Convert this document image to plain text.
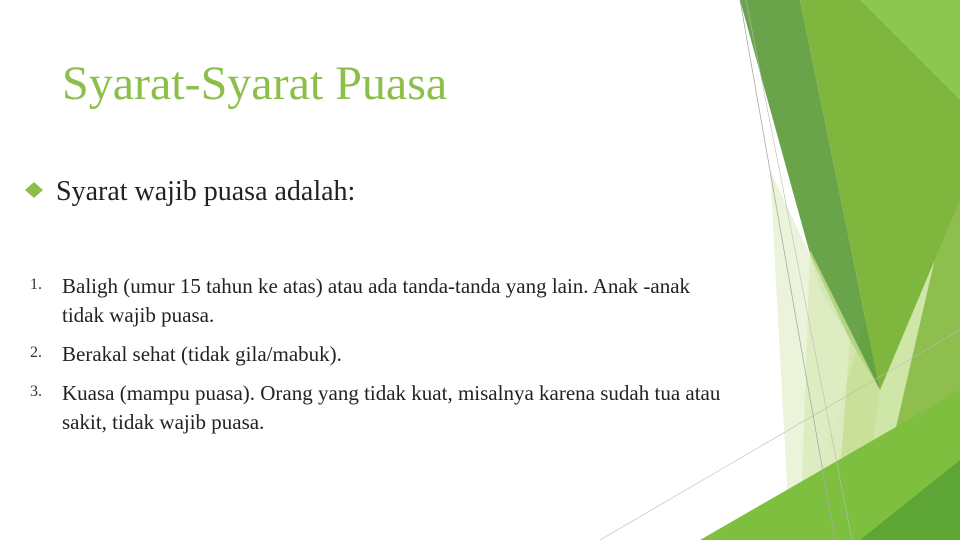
Syarat-Syarat Puasa
Syarat wajib puasa adalah:
1. Baligh (umur 15 tahun ke atas) atau ada tanda-tanda yang lain. Anak -anak tidak wajib puasa.
2. Berakal sehat (tidak gila/mabuk).
3. Kuasa (mampu puasa). Orang yang tidak kuat, misalnya karena sudah tua atau sakit, tidak wajib puasa.
